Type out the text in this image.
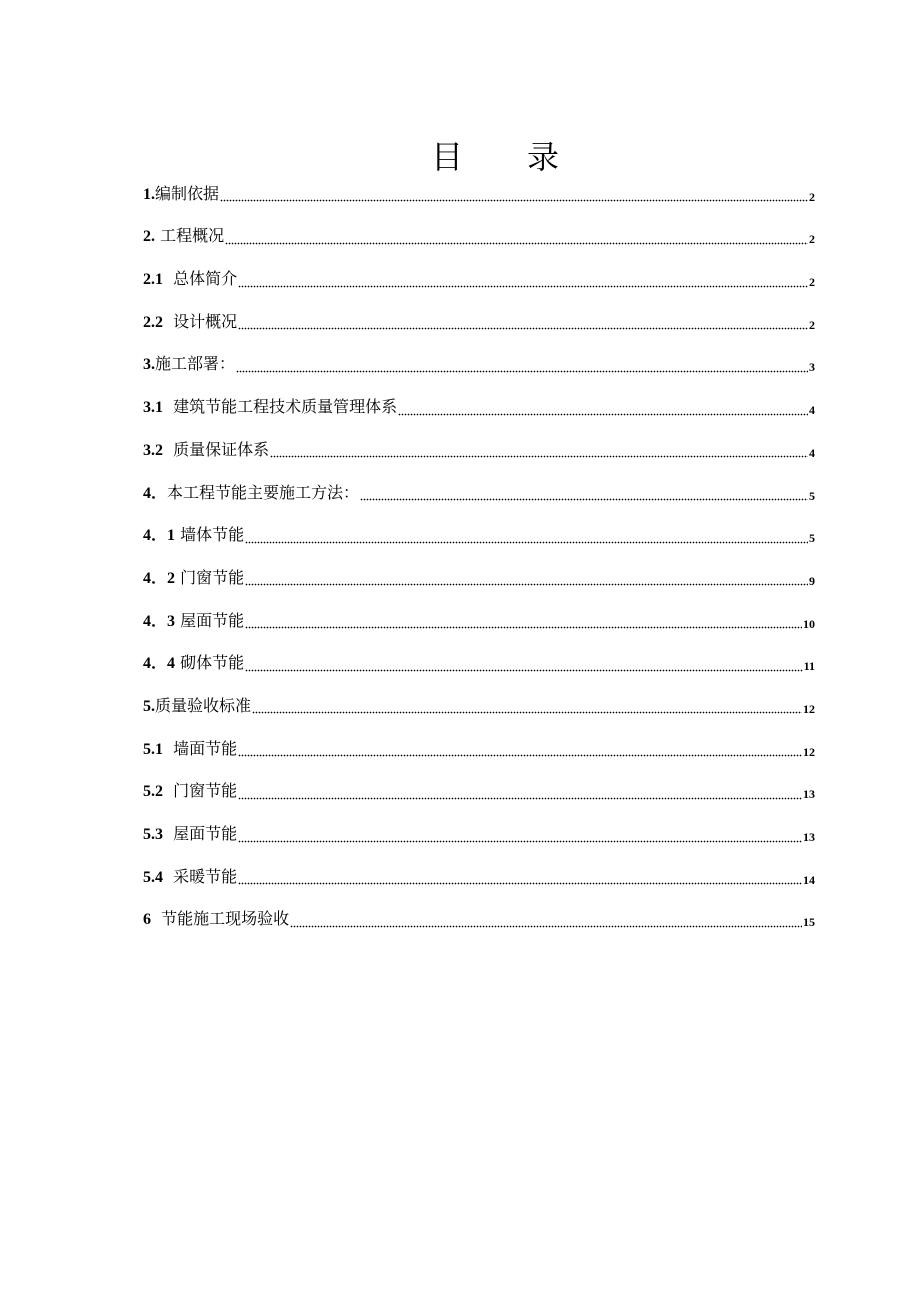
目 录
1.编制依据	2
2. 工程概况	2
2.1  总体简介	2
2.2  设计概况	2
3.施工部署：	3
3.1  建筑节能工程技术质量管理体系	4
3.2  质量保证体系	4
4．本工程节能主要施工方法：	5
4．1 墙体节能	5
4．2 门窗节能	9
4．3 屋面节能	10
4．4 砌体节能	11
5.质量验收标准	12
5.1  墙面节能	12
5.2  门窗节能	13
5.3  屋面节能	13
5.4  采暖节能	14
6  节能施工现场验收	15
